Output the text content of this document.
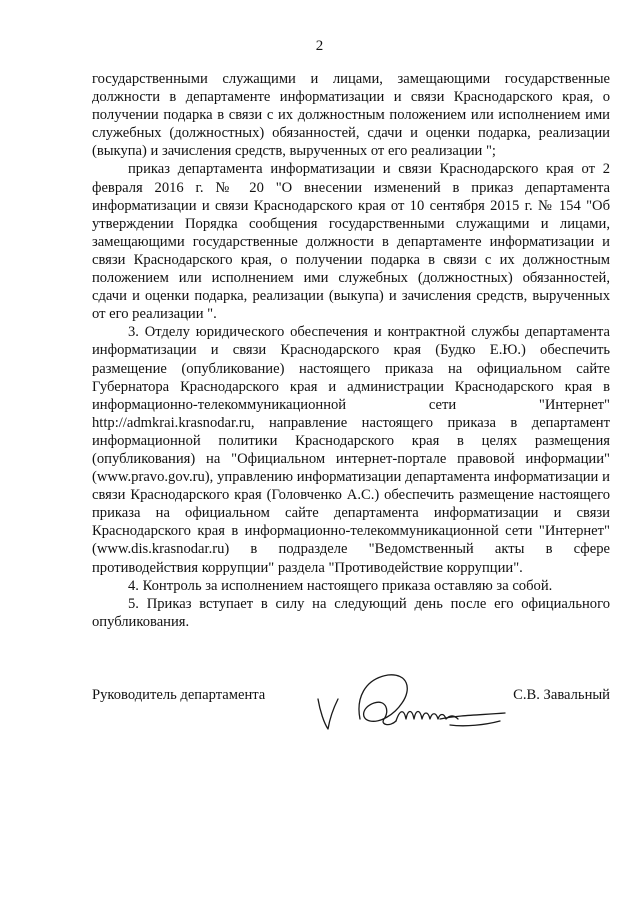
2

государственными служащими и лицами, замещающими государственные должности в департаменте информатизации и связи Краснодарского края, о получении подарка в связи с их должностным положением или исполнением ими служебных (должностных) обязанностей, сдачи и оценки подарка, реализации (выкупа) и зачисления средств, вырученных от его реализации ";

приказ департамента информатизации и связи Краснодарского края от 2 февраля 2016 г. № 20 "О внесении изменений в приказ департамента информатизации и связи Краснодарского края от 10 сентября 2015 г. № 154 "Об утверждении Порядка сообщения государственными служащими и лицами, замещающими государственные должности в департаменте информатизации и связи Краснодарского края, о получении подарка в связи с их должностным положением или исполнением ими служебных (должностных) обязанностей, сдачи и оценки подарка, реализации (выкупа) и зачисления средств, вырученных от его реализации ".

3. Отделу юридического обеспечения и контрактной службы департамента информатизации и связи Краснодарского края (Будко Е.Ю.) обеспечить размещение (опубликование) настоящего приказа на официальном сайте Губернатора Краснодарского края и администрации Краснодарского края в информационно-телекоммуникационной сети "Интернет" http://admkrai.krasnodar.ru, направление настоящего приказа в департамент информационной политики Краснодарского края в целях размещения (опубликования) на "Официальном интернет-портале правовой информации" (www.pravo.gov.ru), управлению информатизации департамента информатизации и связи Краснодарского края (Головченко А.С.) обеспечить размещение настоящего приказа на официальном сайте департамента информатизации и связи Краснодарского края в информационно-телекоммуникационной сети "Интернет" (www.dis.krasnodar.ru) в подразделе "Ведомственный акты в сфере противодействия коррупции" раздела "Противодействие коррупции".

4. Контроль за исполнением настоящего приказа оставляю за собой.

5. Приказ вступает в силу на следующий день после его официального опубликования.

Руководитель департамента	С.В. Завальный
